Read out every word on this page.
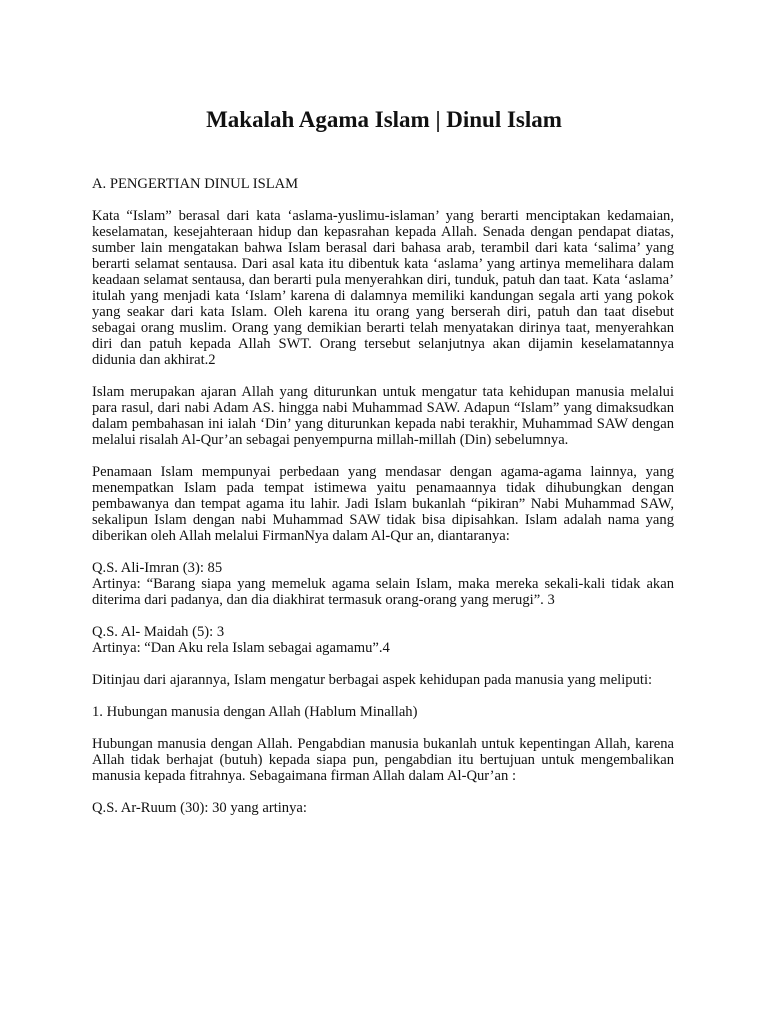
Makalah Agama Islam | Dinul Islam

A. PENGERTIAN DINUL ISLAM

Kata “Islam” berasal dari kata ‘aslama-yuslimu-islaman’ yang berarti menciptakan kedamaian, keselamatan, kesejahteraan hidup dan kepasrahan kepada Allah. Senada dengan pendapat diatas, sumber lain mengatakan bahwa Islam berasal dari bahasa arab, terambil dari kata ‘salima’ yang berarti selamat sentausa. Dari asal kata itu dibentuk kata ‘aslama’ yang artinya memelihara dalam keadaan selamat sentausa, dan berarti pula menyerahkan diri, tunduk, patuh dan taat. Kata ‘aslama’ itulah yang menjadi kata ‘Islam’ karena di dalamnya memiliki kandungan segala arti yang pokok yang seakar dari kata Islam. Oleh karena itu orang yang berserah diri, patuh dan taat disebut sebagai orang muslim. Orang yang demikian berarti telah menyatakan dirinya taat, menyerahkan diri dan patuh kepada Allah SWT. Orang tersebut selanjutnya akan dijamin keselamatannya didunia dan akhirat.2

Islam merupakan ajaran Allah yang diturunkan untuk mengatur tata kehidupan manusia melalui para rasul, dari nabi Adam AS. hingga nabi Muhammad SAW. Adapun “Islam” yang dimaksudkan dalam pembahasan ini ialah ‘Din’ yang diturunkan kepada nabi terakhir, Muhammad SAW dengan melalui risalah Al-Qur’an sebagai penyempurna millah-millah (Din) sebelumnya.

Penamaan Islam mempunyai perbedaan yang mendasar dengan agama-agama lainnya, yang menempatkan Islam pada tempat istimewa yaitu penamaannya tidak dihubungkan dengan pembawanya dan tempat agama itu lahir. Jadi Islam bukanlah “pikiran” Nabi Muhammad SAW, sekalipun Islam dengan nabi Muhammad SAW tidak bisa dipisahkan. Islam adalah nama yang diberikan oleh Allah melalui FirmanNya dalam Al-Qur an, diantaranya:

Q.S. Ali-Imran (3): 85
Artinya: “Barang siapa yang memeluk agama selain Islam, maka mereka sekali-kali tidak akan diterima dari padanya, dan dia diakhirat termasuk orang-orang yang merugi”. 3

Q.S. Al- Maidah (5): 3
Artinya: “Dan Aku rela Islam sebagai agamamu”.4

Ditinjau dari ajarannya, Islam mengatur berbagai aspek kehidupan pada manusia yang meliputi:

1. Hubungan manusia dengan Allah (Hablum Minallah)

Hubungan manusia dengan Allah. Pengabdian manusia bukanlah untuk kepentingan Allah, karena Allah tidak berhajat (butuh) kepada siapa pun, pengabdian itu bertujuan untuk mengembalikan manusia kepada fitrahnya. Sebagaimana firman Allah dalam Al-Qur’an :

Q.S. Ar-Ruum (30): 30 yang artinya:
